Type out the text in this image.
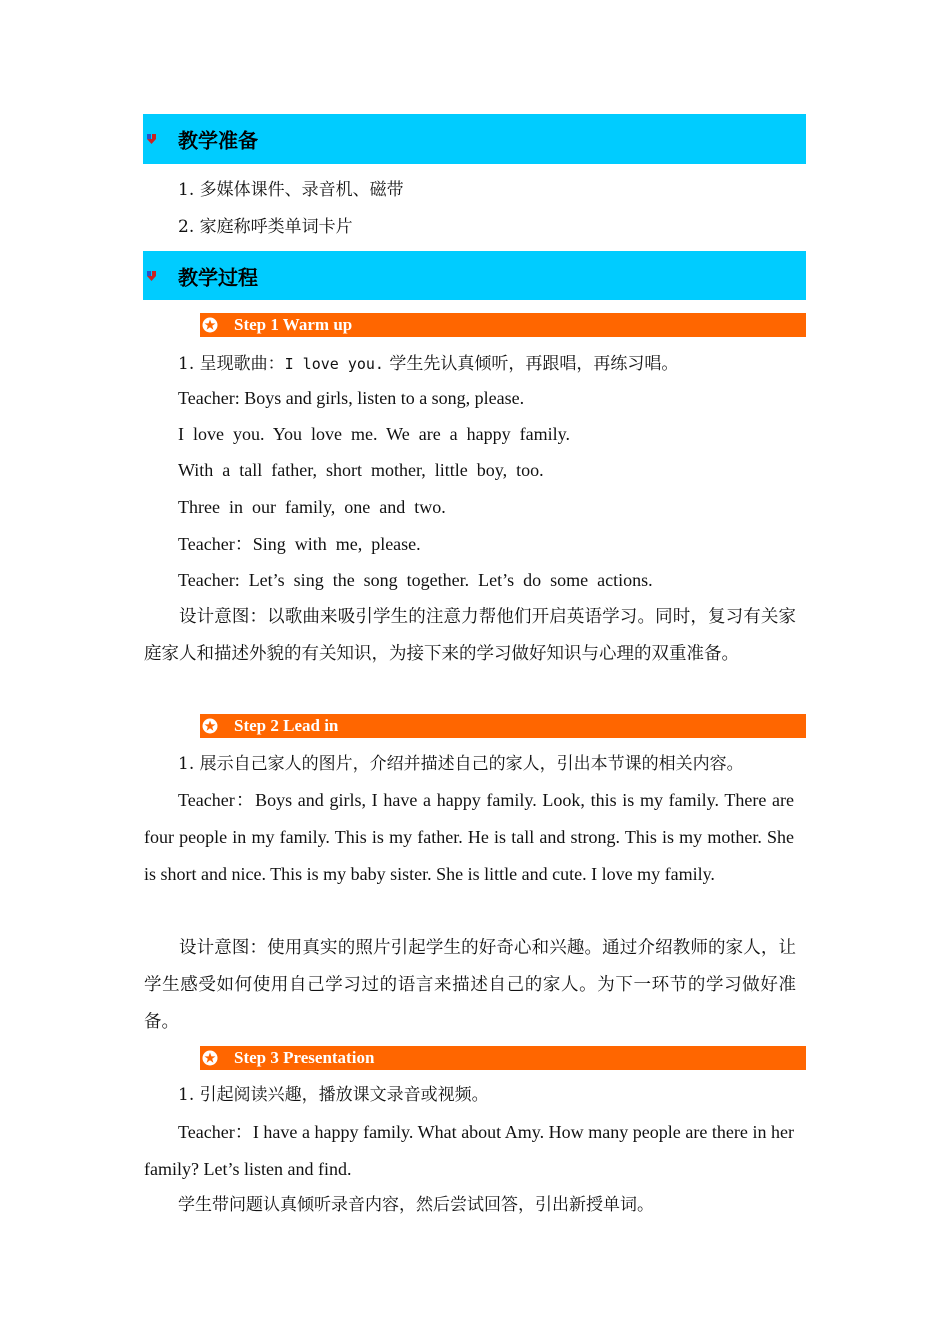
教学准备
1. 多媒体课件、录音机、磁带
2. 家庭称呼类单词卡片
教学过程
Step 1 Warm up
1. 呈现歌曲：I love you. 学生先认真倾听，再跟唱，再练习唱。
Teacher: Boys and girls, listen to a song, please.
I  love  you.  You  love  me.  We  are  a  happy  family.
With  a  tall  father,  short  mother,  little  boy,  too.
Three  in  our  family,  one  and  two.
Teacher：Sing  with  me,  please.
Teacher:  Let’s  sing  the  song  together.  Let’s  do  some  actions.
设计意图：以歌曲来吸引学生的注意力帮他们开启英语学习。同时，复习有关家庭家人和描述外貌的有关知识，为接下来的学习做好知识与心理的双重准备。
Step 2 Lead in
1. 展示自己家人的图片，介绍并描述自己的家人，引出本节课的相关内容。
Teacher：Boys and girls, I have a happy family. Look, this is my family. There are four people in my family. This is my father. He is tall and strong. This is my mother. She is short and nice. This is my baby sister. She is little and cute. I love my family.
设计意图：使用真实的照片引起学生的好奇心和兴趣。通过介绍教师的家人，让学生感受如何使用自己学习过的语言来描述自己的家人。为下一环节的学习做好准备。
Step 3 Presentation
1. 引起阅读兴趣，播放课文录音或视频。
Teacher：I have a happy family. What about Amy. How many people are there in her family? Let’s listen and find.
学生带问题认真倾听录音内容，然后尝试回答，引出新授单词。
